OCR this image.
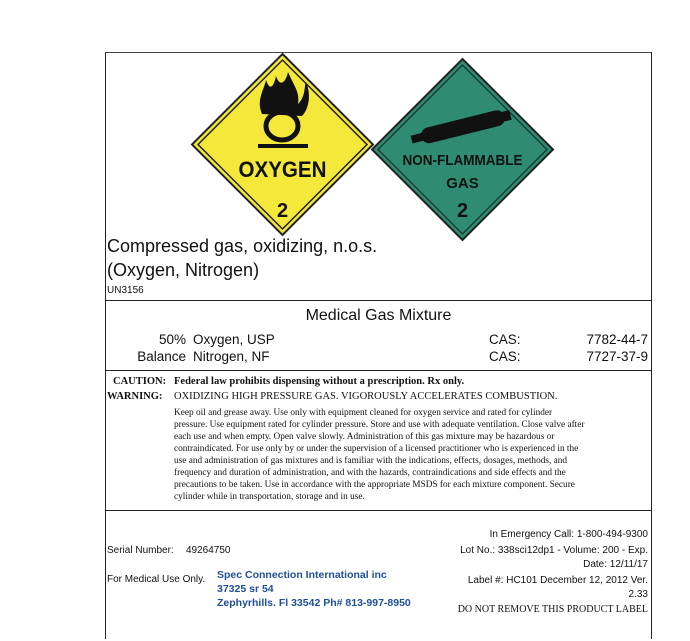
OXYGEN
2
NON-FLAMMABLE
GAS
2
Compressed gas, oxidizing, n.o.s.
(Oxygen, Nitrogen)
UN3156
Medical Gas Mixture
50% Oxygen, USP	CAS:	7782-44-7
Balance Nitrogen, NF	CAS:	7727-37-9
CAUTION: Federal law prohibits dispensing without a prescription. Rx only.
WARNING: OXIDIZING HIGH PRESSURE GAS. VIGOROUSLY ACCELERATES COMBUSTION.
Keep oil and grease away. Use only with equipment cleaned for oxygen service and rated for cylinder
pressure. Use equipment rated for cylinder pressure. Store and use with adequate ventilation. Close valve after
each use and when empty. Open valve slowly. Administration of this gas mixture may be hazardous or
contraindicated. For use only by or under the supervision of a licensed practitioner who is experienced in the
use and administration of gas mixtures and is familiar with the indications, effects, dosages, methods, and
frequency and duration of administration, and with the hazards, contraindications and side effects and the
precautions to be taken. Use in accordance with the appropriate MSDS for each mixture component. Secure
cylinder while in transportation, storage and in use.
In Emergency Call: 1-800-494-9300
Serial Number: 49264750	Lot No.: 338sci12dp1 - Volume: 200 - Exp.
Date: 12/11/17
For Medical Use Only. Spec Connection International inc
37325 sr 54
Zephyrhills. Fl 33542 Ph# 813-997-8950
Label #: HC101 December 12, 2012 Ver.
2.33
DO NOT REMOVE THIS PRODUCT LABEL
